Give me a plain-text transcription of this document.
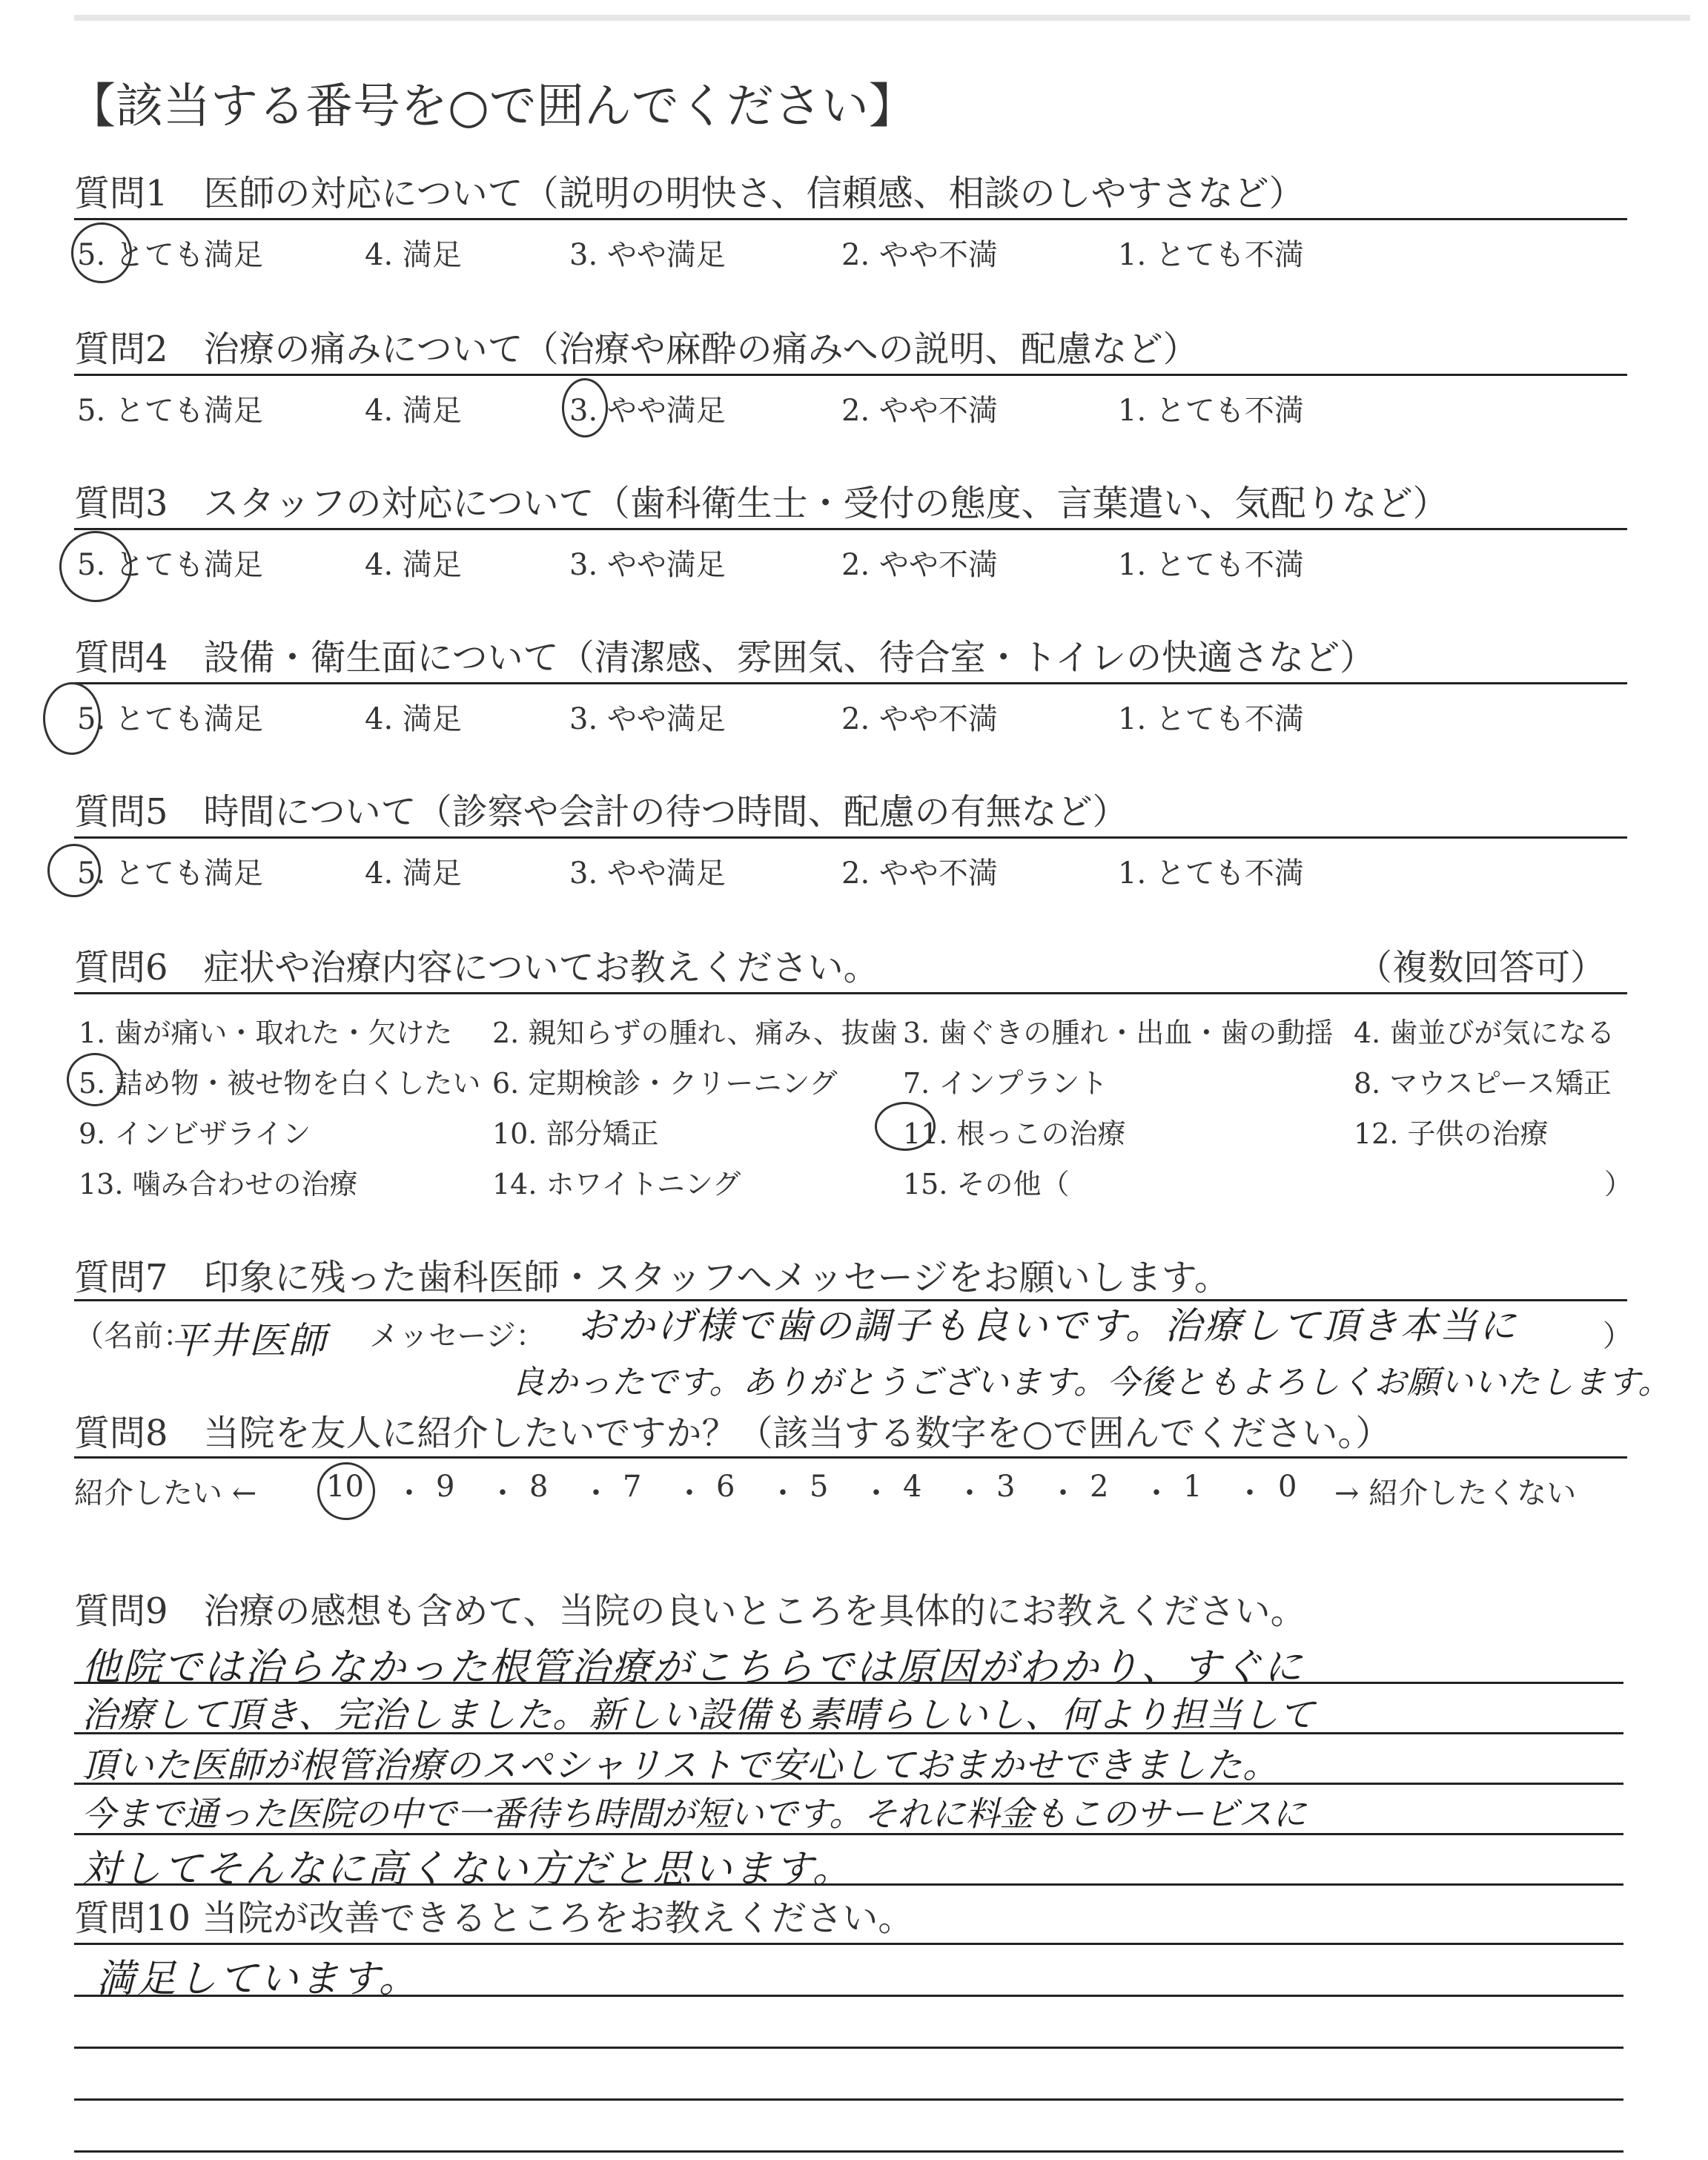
【該当する番号を○で囲んでください】
質問1　医師の対応について（説明の明快さ、信頼感、相談のしやすさなど）
5. とても満足	4. 満足	3. やや満足	2. やや不満	1. とても不満
質問2　治療の痛みについて（治療や麻酔の痛みへの説明、配慮など）
5. とても満足	4. 満足	3. やや満足	2. やや不満	1. とても不満
質問3　スタッフの対応について（歯科衛生士・受付の態度、言葉遣い、気配りなど）
5. とても満足	4. 満足	3. やや満足	2. やや不満	1. とても不満
質問4　設備・衛生面について（清潔感、雰囲気、待合室・トイレの快適さなど）
5. とても満足	4. 満足	3. やや満足	2. やや不満	1. とても不満
質問5　時間について（診察や会計の待つ時間、配慮の有無など）
5. とても満足	4. 満足	3. やや満足	2. やや不満	1. とても不満
質問6　症状や治療内容についてお教えください。	（複数回答可）
1. 歯が痛い・取れた・欠けた 2. 親知らずの腫れ、痛み、抜歯 3. 歯ぐきの腫れ・出血・歯の動揺 4. 歯並びが気になる
5. 詰め物・被せ物を白くしたい 6. 定期検診・クリーニング 7. インプラント	8. マウスピース矯正
9. インビザライン	10. 部分矯正	11. 根っこの治療	12. 子供の治療
13. 噛み合わせの治療	14. ホワイトニング	15. その他（	）
質問7　印象に残った歯科医師・スタッフへメッセージをお願いします。
（名前：
平井医師 メッセージ： おかげ様で歯の調子も良いです。治療して頂き本当に	）
良かったです。ありがとうございます。今後ともよろしくお願いいたします。
質問8　当院を友人に紹介したいですか？（該当する数字を○で囲んでください。）
紹介したい ← 10 ・ 9 ・ 8 ・ 7 ・ 6 ・ 5 ・ 4 ・ 3 ・ 2 ・ 1 ・ 0 → 紹介したくない
質問9　治療の感想も含めて、当院の良いところを具体的にお教えください。
他院では治らなかった根管治療がこちらでは原因がわかり、すぐに
治療して頂き、完治しました。新しい設備も素晴らしいし、何より担当して
頂いた医師が根管治療のスペシャリストで安心しておまかせできました。
今まで通った医院の中で一番待ち時間が短いです。それに料金もこのサービスに
対してそんなに高くない方だと思います。
質問10 当院が改善できるところをお教えください。
満足しています。
